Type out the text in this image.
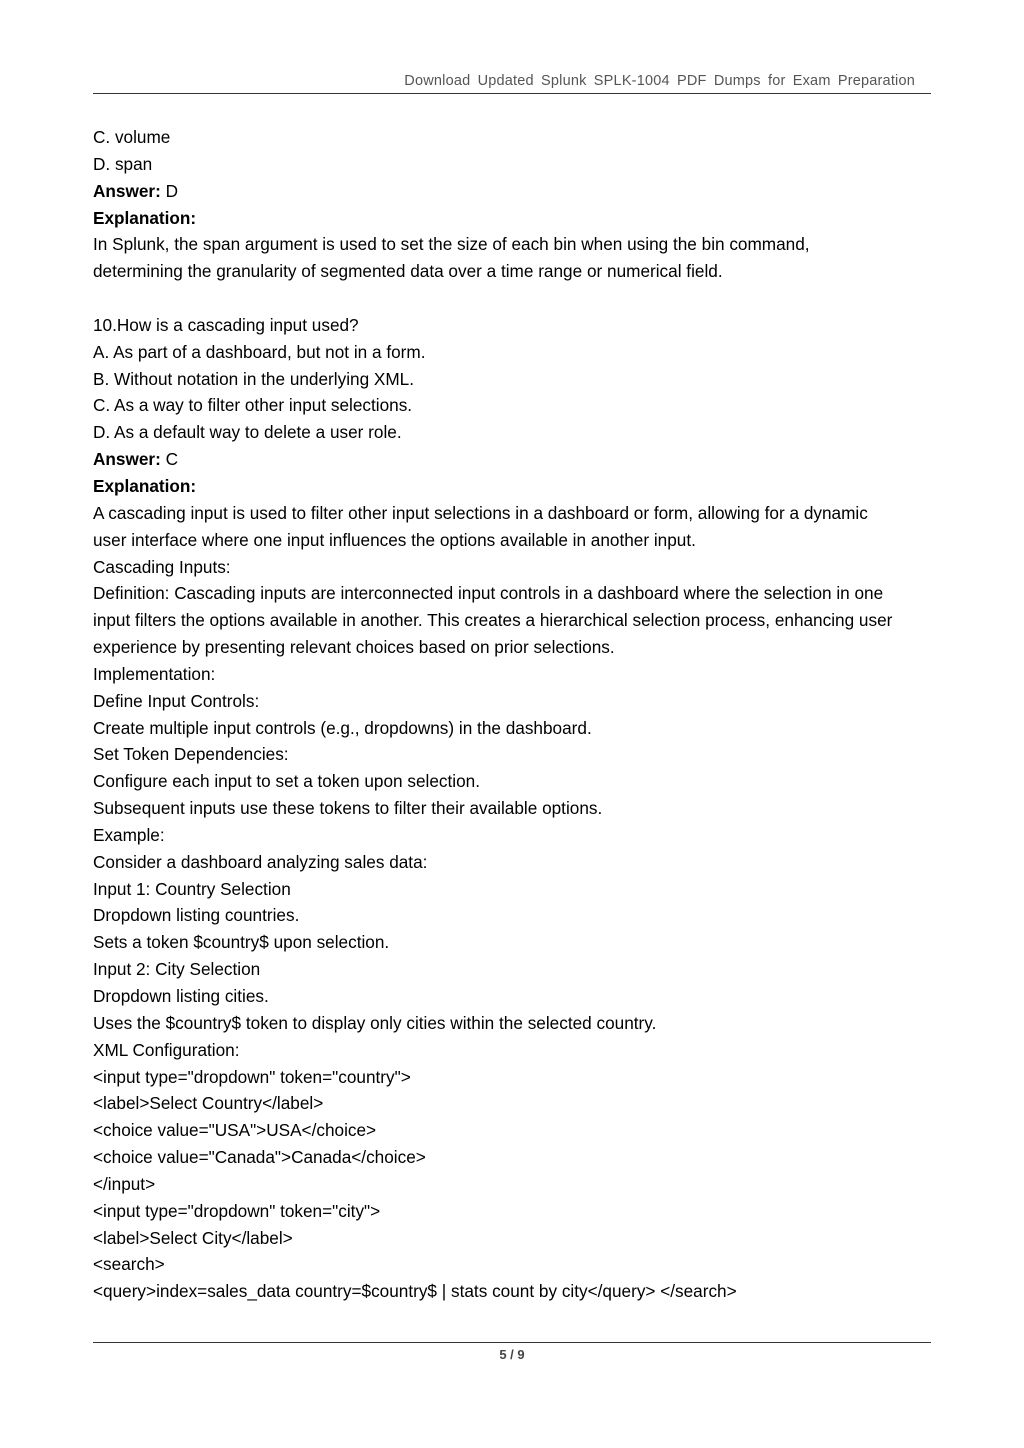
Download Updated Splunk SPLK-1004 PDF Dumps for Exam Preparation
C. volume
D. span
Answer: D
Explanation:
In Splunk, the span argument is used to set the size of each bin when using the bin command,
determining the granularity of segmented data over a time range or numerical field.
10.How is a cascading input used?
A. As part of a dashboard, but not in a form.
B. Without notation in the underlying XML.
C. As a way to filter other input selections.
D. As a default way to delete a user role.
Answer: C
Explanation:
A cascading input is used to filter other input selections in a dashboard or form, allowing for a dynamic
user interface where one input influences the options available in another input.
Cascading Inputs:
Definition: Cascading inputs are interconnected input controls in a dashboard where the selection in one
input filters the options available in another. This creates a hierarchical selection process, enhancing user
experience by presenting relevant choices based on prior selections.
Implementation:
Define Input Controls:
Create multiple input controls (e.g., dropdowns) in the dashboard.
Set Token Dependencies:
Configure each input to set a token upon selection.
Subsequent inputs use these tokens to filter their available options.
Example:
Consider a dashboard analyzing sales data:
Input 1: Country Selection
Dropdown listing countries.
Sets a token $country$ upon selection.
Input 2: City Selection
Dropdown listing cities.
Uses the $country$ token to display only cities within the selected country.
XML Configuration:
<input type="dropdown" token="country">
<label>Select Country</label>
<choice value="USA">USA</choice>
<choice value="Canada">Canada</choice>
</input>
<input type="dropdown" token="city">
<label>Select City</label>
<search>
<query>index=sales_data country=$country$ | stats count by city</query> </search>
5 / 9
